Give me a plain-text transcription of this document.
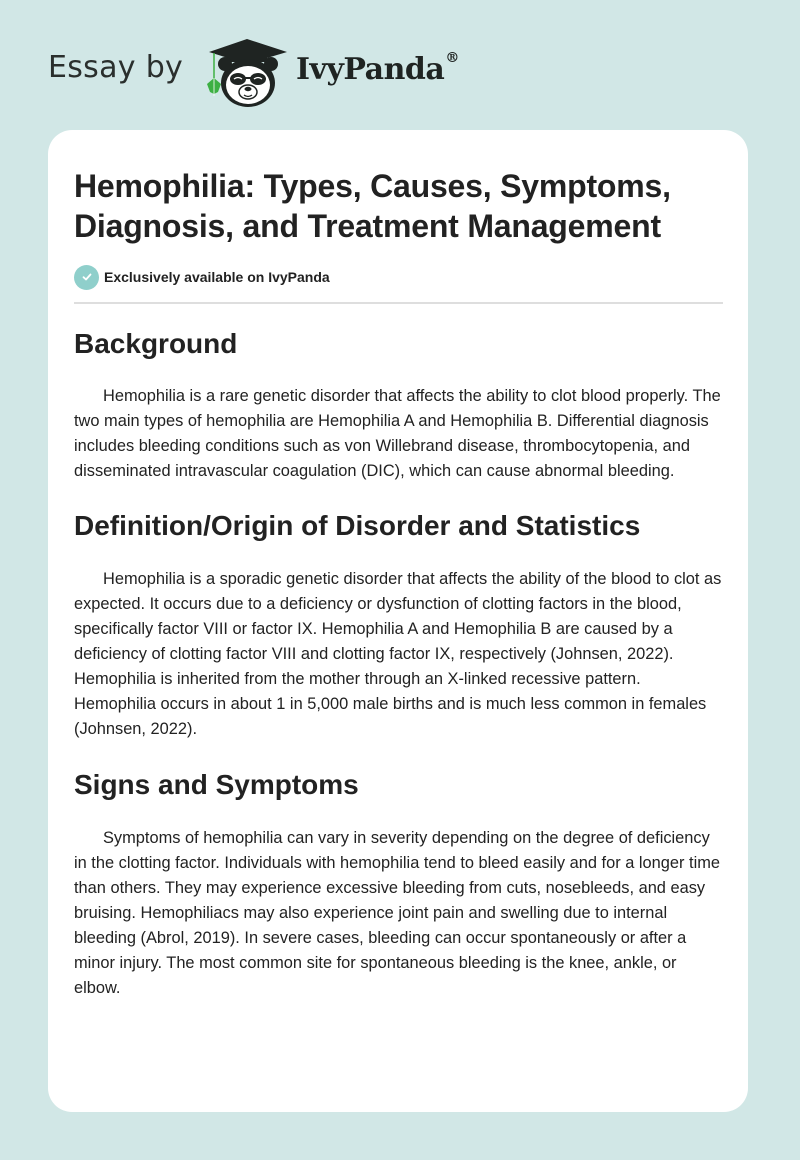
Essay by	IvyPanda®
Hemophilia: Types, Causes, Symptoms, Diagnosis, and Treatment Management
Exclusively available on IvyPanda
Background

Hemophilia is a rare genetic disorder that affects the ability to clot blood properly. The two main types of hemophilia are Hemophilia A and Hemophilia B. Differential diagnosis includes bleeding conditions such as von Willebrand disease, thrombocytopenia, and disseminated intravascular coagulation (DIC), which can cause abnormal bleeding.

Definition/Origin of Disorder and Statistics

Hemophilia is a sporadic genetic disorder that affects the ability of the blood to clot as expected. It occurs due to a deficiency or dysfunction of clotting factors in the blood, specifically factor VIII or factor IX. Hemophilia A and Hemophilia B are caused by a deficiency of clotting factor VIII and clotting factor IX, respectively (Johnsen, 2022). Hemophilia is inherited from the mother through an X-linked recessive pattern. Hemophilia occurs in about 1 in 5,000 male births and is much less common in females (Johnsen, 2022).

Signs and Symptoms

Symptoms of hemophilia can vary in severity depending on the degree of deficiency in the clotting factor. Individuals with hemophilia tend to bleed easily and for a longer time than others. They may experience excessive bleeding from cuts, nosebleeds, and easy bruising. Hemophiliacs may also experience joint pain and swelling due to internal bleeding (Abrol, 2019). In severe cases, bleeding can occur spontaneously or after a minor injury. The most common site for spontaneous bleeding is the knee, ankle, or elbow.
